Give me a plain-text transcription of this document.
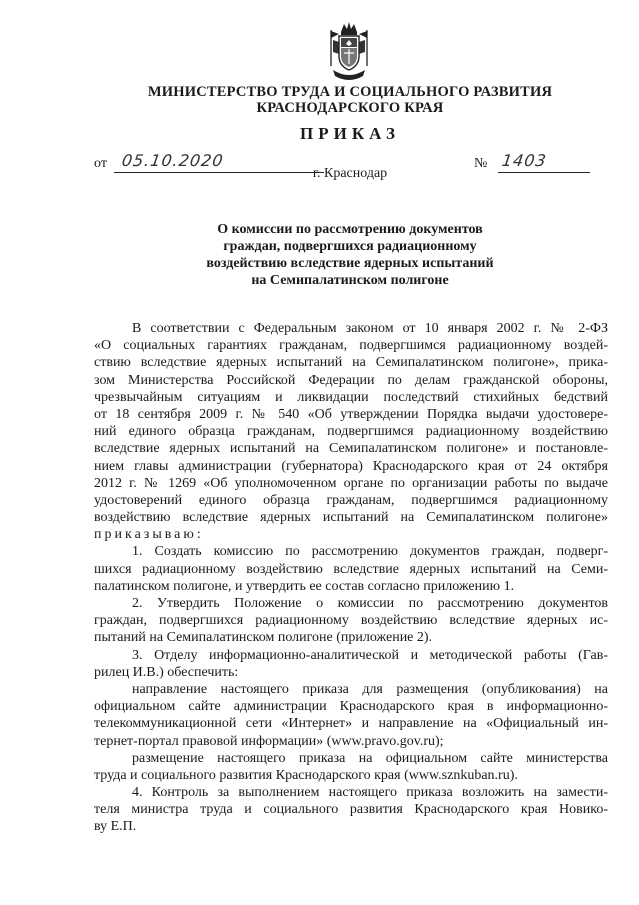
МИНИСТЕРСТВО ТРУДА И СОЦИАЛЬНОГО РАЗВИТИЯ
КРАСНОДАРСКОГО КРАЯ
ПРИКАЗ
от 05.10.2020	№ 1403
г. Краснодар
О комиссии по рассмотрению документов
граждан, подвергшихся радиационному
воздействию вследствие ядерных испытаний
на Семипалатинском полигоне
В соответствии с Федеральным законом от 10 января 2002 г. № 2-ФЗ
«О социальных гарантиях гражданам, подвергшимся радиационному воздей-
ствию вследствие ядерных испытаний на Семипалатинском полигоне», прика-
зом Министерства Российской Федерации по делам гражданской обороны,
чрезвычайным ситуациям и ликвидации последствий стихийных бедствий
от 18 сентября 2009 г. № 540 «Об утверждении Порядка выдачи удостовере-
ний единого образца гражданам, подвергшимся радиационному воздействию
вследствие ядерных испытаний на Семипалатинском полигоне» и постановле-
нием главы администрации (губернатора) Краснодарского края от 24 октября
2012 г. № 1269 «Об уполномоченном органе по организации работы по выдаче
удостоверений единого образца гражданам, подвергшимся радиационному
воздействию вследствие ядерных испытаний на Семипалатинском полигоне»
приказываю:
1. Создать комиссию по рассмотрению документов граждан, подверг-
шихся радиационному воздействию вследствие ядерных испытаний на Семи-
палатинском полигоне, и утвердить ее состав согласно приложению 1.
2. Утвердить Положение о комиссии по рассмотрению документов
граждан, подвергшихся радиационному воздействию вследствие ядерных ис-
пытаний на Семипалатинском полигоне (приложение 2).
3. Отделу информационно-аналитической и методической работы (Гав-
рилец И.В.) обеспечить:
направление настоящего приказа для размещения (опубликования) на
официальном сайте администрации Краснодарского края в информационно-
телекоммуникационной сети «Интернет» и направление на «Официальный ин-
тернет-портал правовой информации» (www.pravo.gov.ru);
размещение настоящего приказа на официальном сайте министерства
труда и социального развития Краснодарского края (www.sznkuban.ru).
4. Контроль за выполнением настоящего приказа возложить на замести-
теля министра труда и социального развития Краснодарского края Новико-
ву Е.П.
